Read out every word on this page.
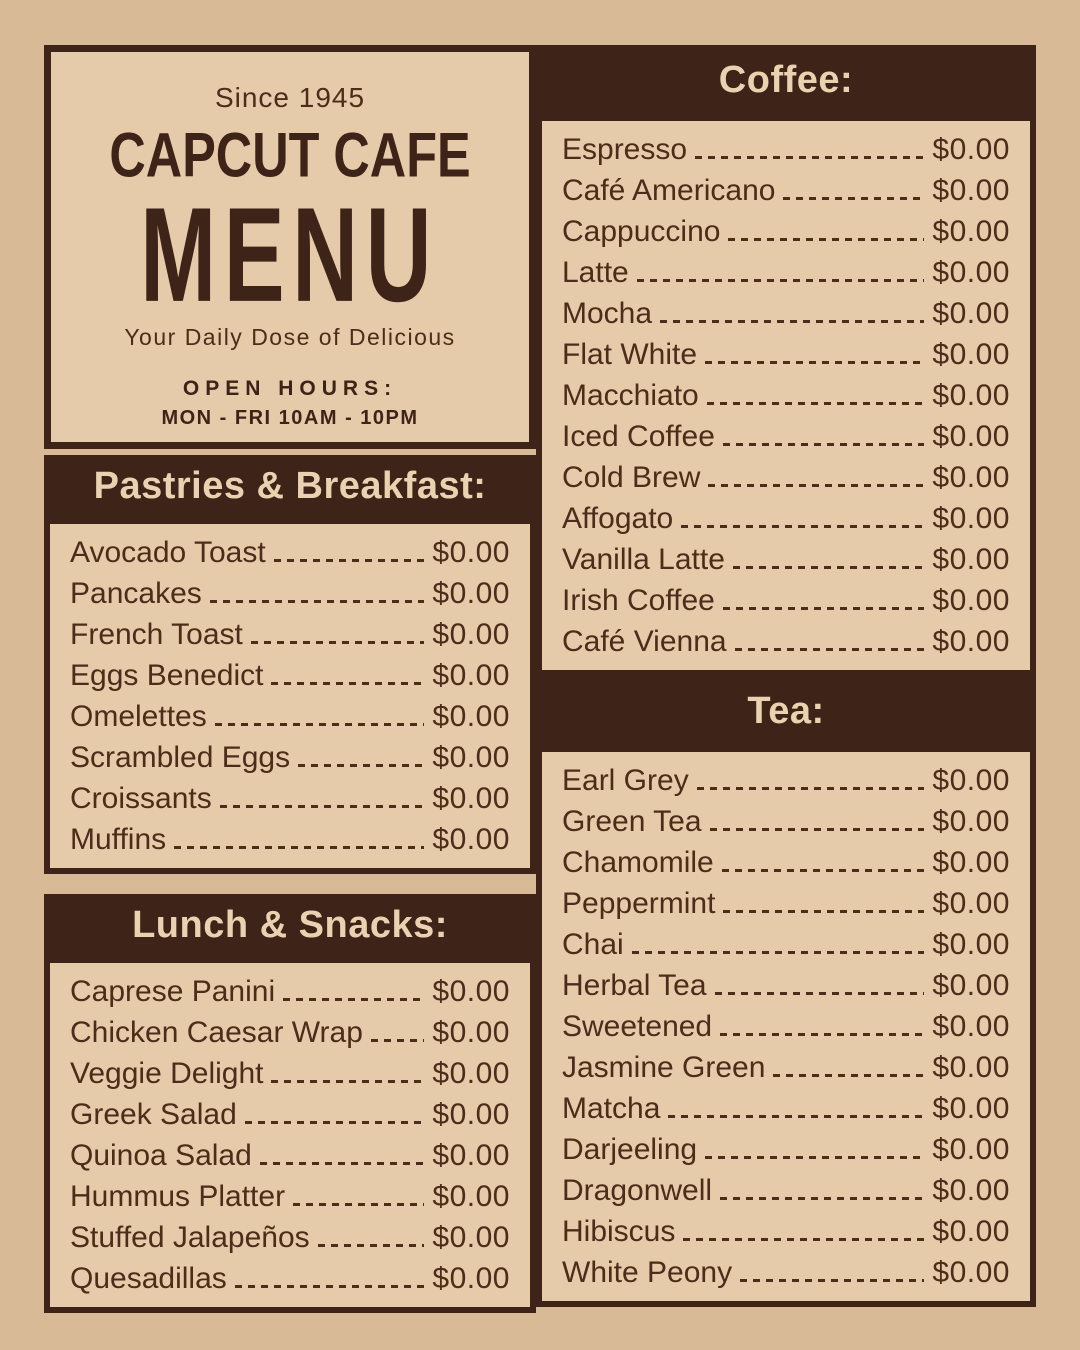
Since 1945
CAPCUT CAFE
MENU
Your Daily Dose of Delicious
OPEN HOURS:
MON - FRI 10AM - 10PM
Pastries & Breakfast:
Avocado Toast	$0.00
Pancakes	$0.00
French Toast	$0.00
Eggs Benedict	$0.00
Omelettes	$0.00
Scrambled Eggs	$0.00
Croissants	$0.00
Muffins	$0.00
Lunch & Snacks:
Caprese Panini	$0.00
Chicken Caesar Wrap $0.00
Veggie Delight	$0.00
Greek Salad	$0.00
Quinoa Salad	$0.00
Hummus Platter	$0.00
Stuffed Jalapeños	$0.00
Quesadillas	$0.00
Coffee:
Espresso	$0.00
Café Americano	$0.00
Cappuccino	$0.00
Latte	$0.00
Mocha	$0.00
Flat White	$0.00
Macchiato	$0.00
Iced Coffee	$0.00
Cold Brew	$0.00
Affogato	$0.00
Vanilla Latte	$0.00
Irish Coffee	$0.00
Café Vienna	$0.00
Tea:
Earl Grey	$0.00
Green Tea	$0.00
Chamomile	$0.00
Peppermint	$0.00
Chai	$0.00
Herbal Tea	$0.00
Sweetened	$0.00
Jasmine Green	$0.00
Matcha	$0.00
Darjeeling	$0.00
Dragonwell	$0.00
Hibiscus	$0.00
White Peony	$0.00
